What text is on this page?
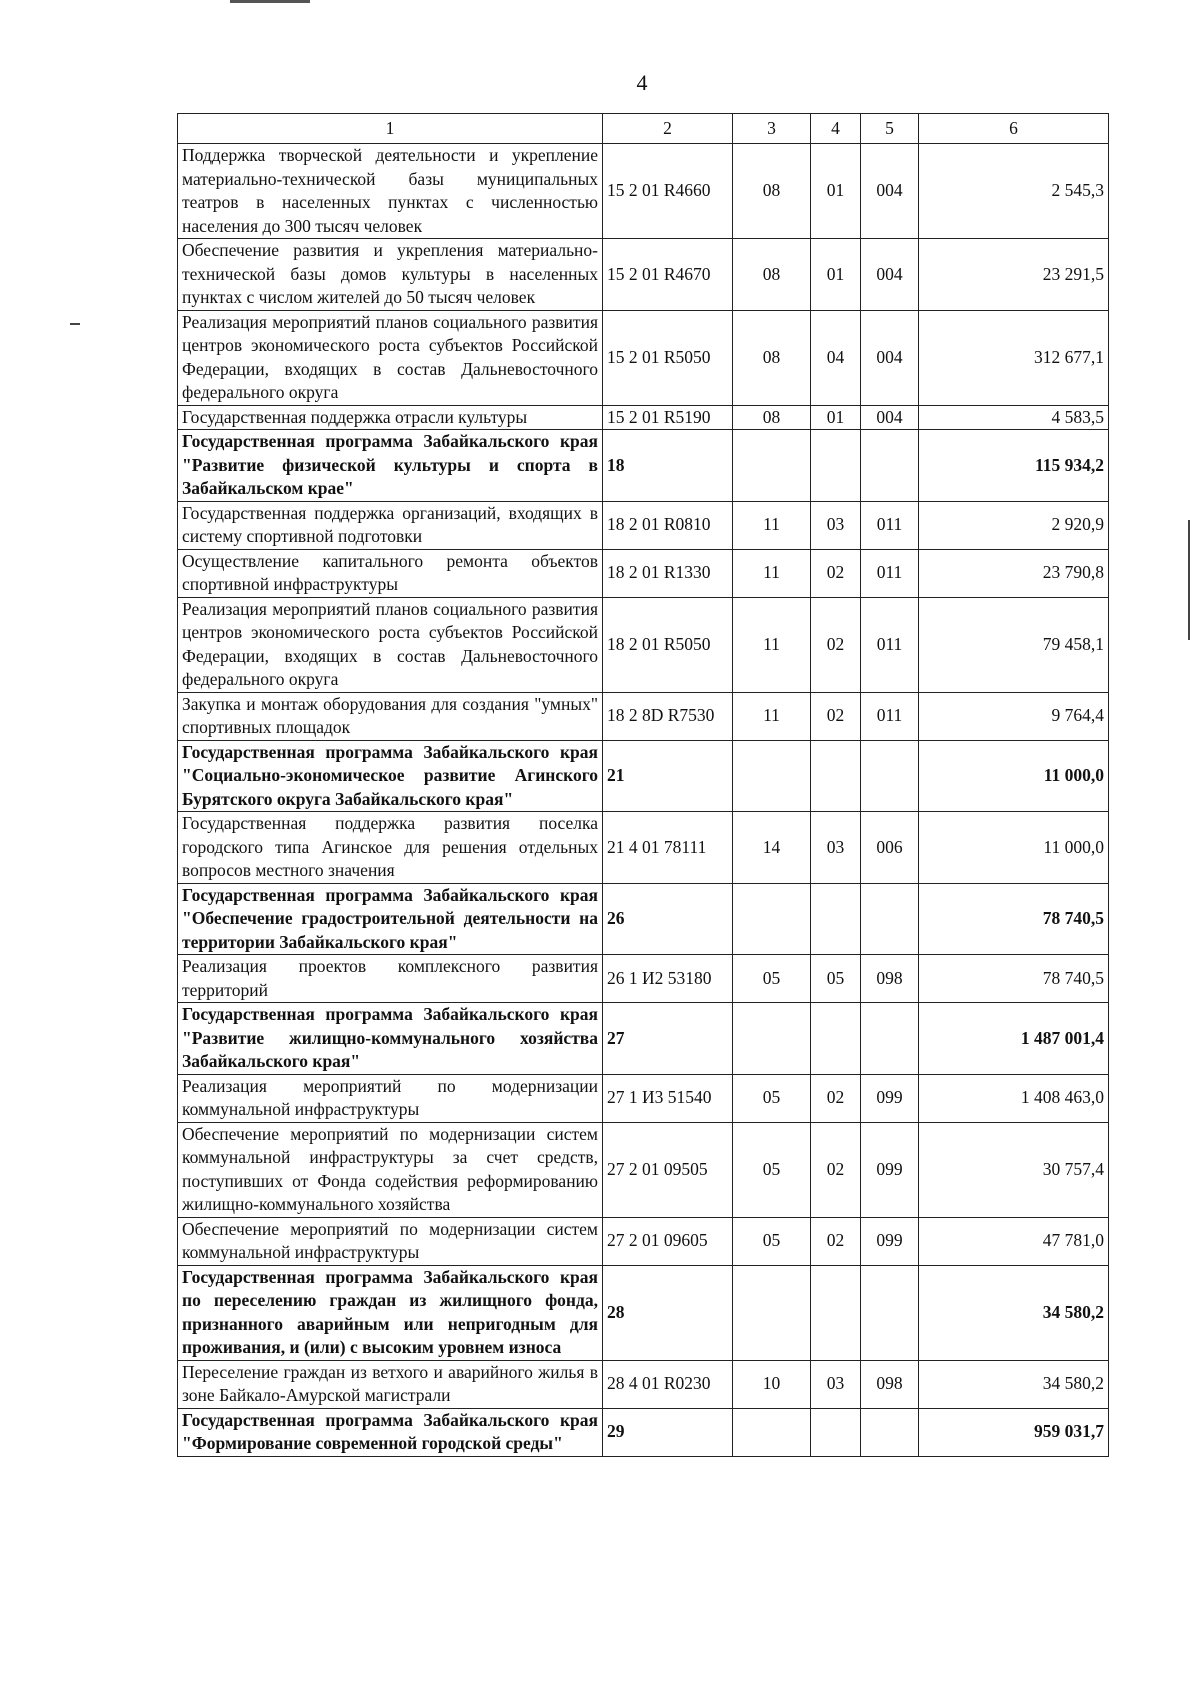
4
1	2	3	4	5	6
Поддержка творческой деятельности и укрепление материально-технической базы муниципальных театров в населенных пунктах с численностью населения до 300 тысяч человек	15 2 01 R4660	08	01	004	2 545,3
Обеспечение развития и укрепления материально-технической базы домов культуры в населенных пунктах с числом жителей до 50 тысяч человек	15 2 01 R4670	08	01	004	23 291,5
Реализация мероприятий планов социального развития центров экономического роста субъектов Российской Федерации, входящих в состав Дальневосточного федерального округа	15 2 01 R5050	08	04	004	312 677,1
Государственная поддержка отрасли культуры	15 2 01 R5190	08	01	004	4 583,5
Государственная программа Забайкальского края "Развитие физической культуры и спорта в Забайкальском крае"	18				115 934,2
Государственная поддержка организаций, входящих в систему спортивной подготовки	18 2 01 R0810	11	03	011	2 920,9
Осуществление капитального ремонта объектов спортивной инфраструктуры	18 2 01 R1330	11	02	011	23 790,8
Реализация мероприятий планов социального развития центров экономического роста субъектов Российской Федерации, входящих в состав Дальневосточного федерального округа	18 2 01 R5050	11	02	011	79 458,1
Закупка и монтаж оборудования для создания "умных" спортивных площадок	18 2 8D R7530	11	02	011	9 764,4
Государственная программа Забайкальского края "Социально-экономическое развитие Агинского Бурятского округа Забайкальского края"	21				11 000,0
Государственная поддержка развития поселка городского типа Агинское для решения отдельных вопросов местного значения	21 4 01 78111	14	03	006	11 000,0
Государственная программа Забайкальского края "Обеспечение градостроительной деятельности на территории Забайкальского края"	26				78 740,5
Реализация проектов комплексного развития территорий	26 1 И2 53180	05	05	098	78 740,5
Государственная программа Забайкальского края "Развитие жилищно-коммунального хозяйства Забайкальского края"	27				1 487 001,4
Реализация мероприятий по модернизации коммунальной инфраструктуры	27 1 И3 51540	05	02	099	1 408 463,0
Обеспечение мероприятий по модернизации систем коммунальной инфраструктуры за счет средств, поступивших от Фонда содействия реформированию жилищно-коммунального хозяйства	27 2 01 09505	05	02	099	30 757,4
Обеспечение мероприятий по модернизации систем коммунальной инфраструктуры	27 2 01 09605	05	02	099	47 781,0
Государственная программа Забайкальского края по переселению граждан из жилищного фонда, признанного аварийным или непригодным для проживания, и (или) с высоким уровнем износа	28				34 580,2
Переселение граждан из ветхого и аварийного жилья в зоне Байкало-Амурской магистрали	28 4 01 R0230	10	03	098	34 580,2
Государственная программа Забайкальского края "Формирование современной городской среды"	29				959 031,7
